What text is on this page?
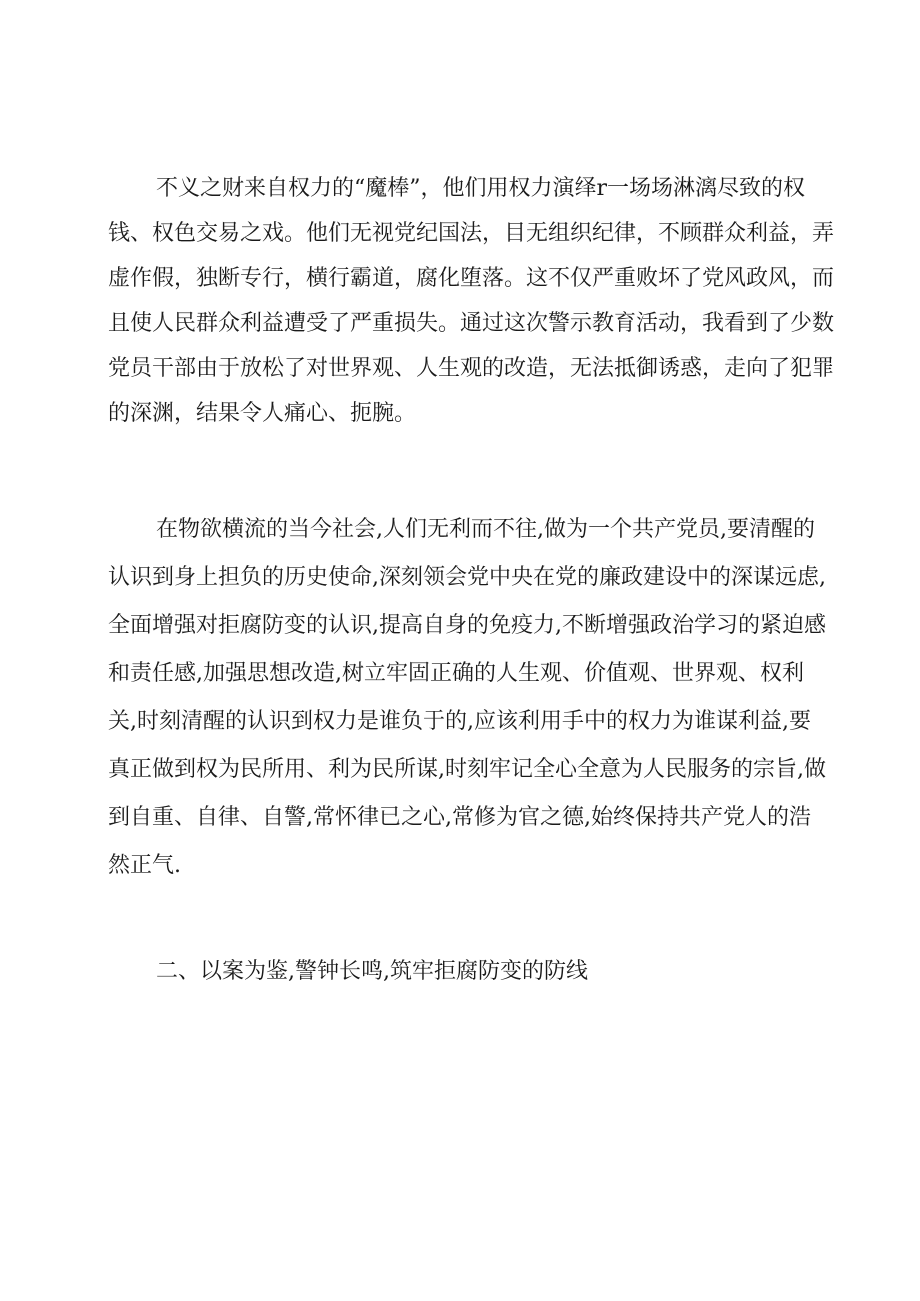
不义之财来自权力的“魔棒”，他们用权力演绎r一场场淋漓尽致的权
钱、权色交易之戏。他们无视党纪国法，目无组织纪律，不顾群众利益，弄
虚作假，独断专行，横行霸道，腐化堕落。这不仅严重败坏了党风政风，而
且使人民群众利益遭受了严重损失。通过这次警示教育活动，我看到了少数
党员干部由于放松了对世界观、人生观的改造，无法抵御诱惑，走向了犯罪
的深渊，结果令人痛心、扼腕。
在物欲横流的当今社会,人们无利而不往,做为一个共产党员,要清醒的
认识到身上担负的历史使命,深刻领会党中央在党的廉政建设中的深谋远虑,
全面增强对拒腐防变的认识,提高自身的免疫力,不断增强政治学习的紧迫感
和责任感,加强思想改造,树立牢固正确的人生观、价值观、世界观、权利
关,时刻清醒的认识到权力是谁负于的,应该利用手中的权力为谁谋利益,要
真正做到权为民所用、利为民所谋,时刻牢记全心全意为人民服务的宗旨,做
到自重、自律、自警,常怀律已之心,常修为官之德,始终保持共产党人的浩
然正气.
二、以案为鉴,警钟长鸣,筑牢拒腐防变的防线
